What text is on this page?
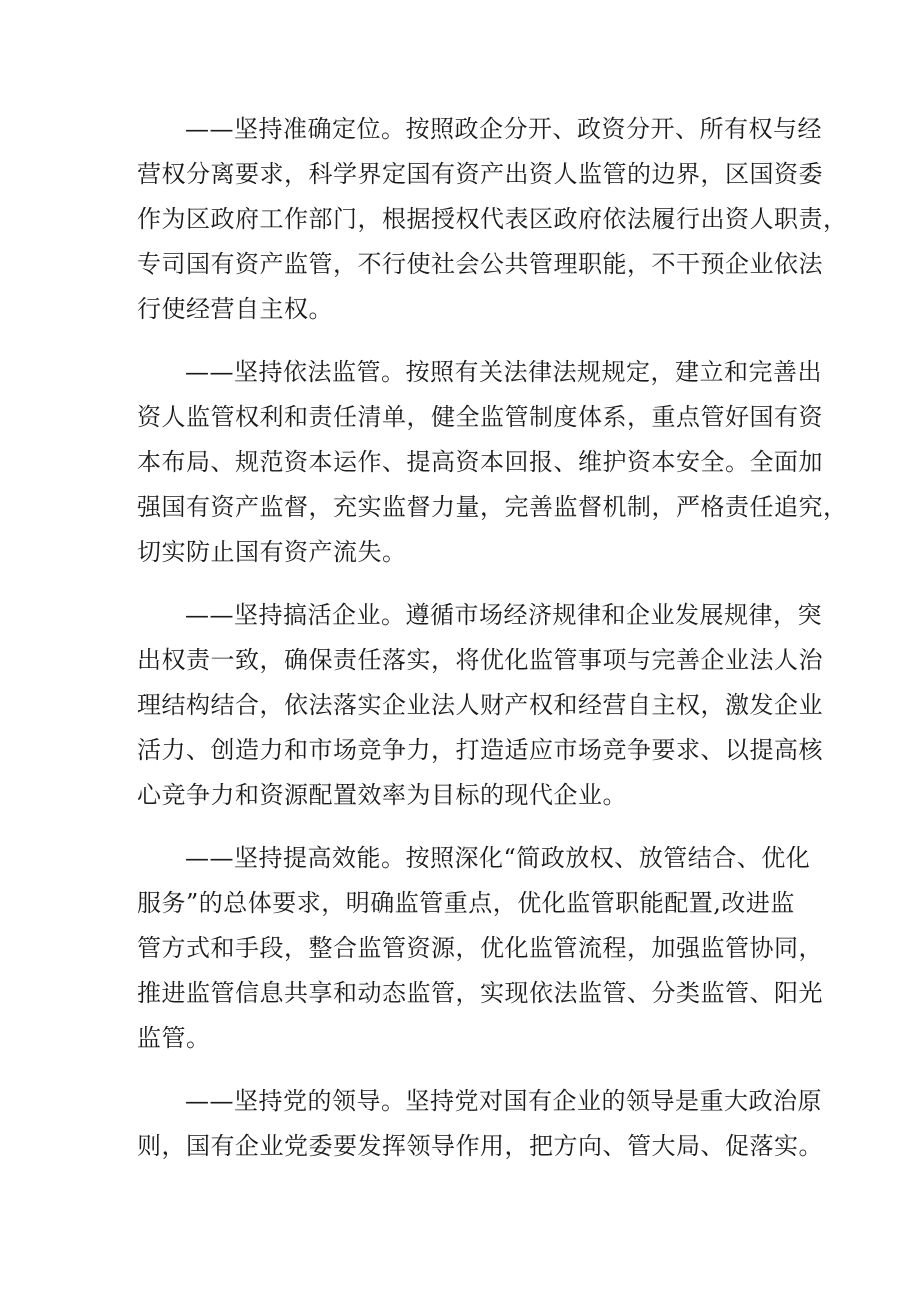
——坚持准确定位。按照政企分开、政资分开、所有权与经
营权分离要求，科学界定国有资产出资人监管的边界，区国资委
作为区政府工作部门，根据授权代表区政府依法履行出资人职责，
专司国有资产监管，不行使社会公共管理职能，不干预企业依法
行使经营自主权。
——坚持依法监管。按照有关法律法规规定，建立和完善出
资人监管权利和责任清单，健全监管制度体系，重点管好国有资
本布局、规范资本运作、提高资本回报、维护资本安全。全面加
强国有资产监督，充实监督力量，完善监督机制，严格责任追究，
切实防止国有资产流失。
——坚持搞活企业。遵循市场经济规律和企业发展规律，突
出权责一致，确保责任落实，将优化监管事项与完善企业法人治
理结构结合，依法落实企业法人财产权和经营自主权，激发企业
活力、创造力和市场竞争力，打造适应市场竞争要求、以提高核
心竞争力和资源配置效率为目标的现代企业。
——坚持提高效能。按照深化“简政放权、放管结合、优化
服务”的总体要求，明确监管重点，优化监管职能配置,改进监
管方式和手段，整合监管资源，优化监管流程，加强监管协同，
推进监管信息共享和动态监管，实现依法监管、分类监管、阳光
监管。
——坚持党的领导。坚持党对国有企业的领导是重大政治原
则，国有企业党委要发挥领导作用，把方向、管大局、促落实。
